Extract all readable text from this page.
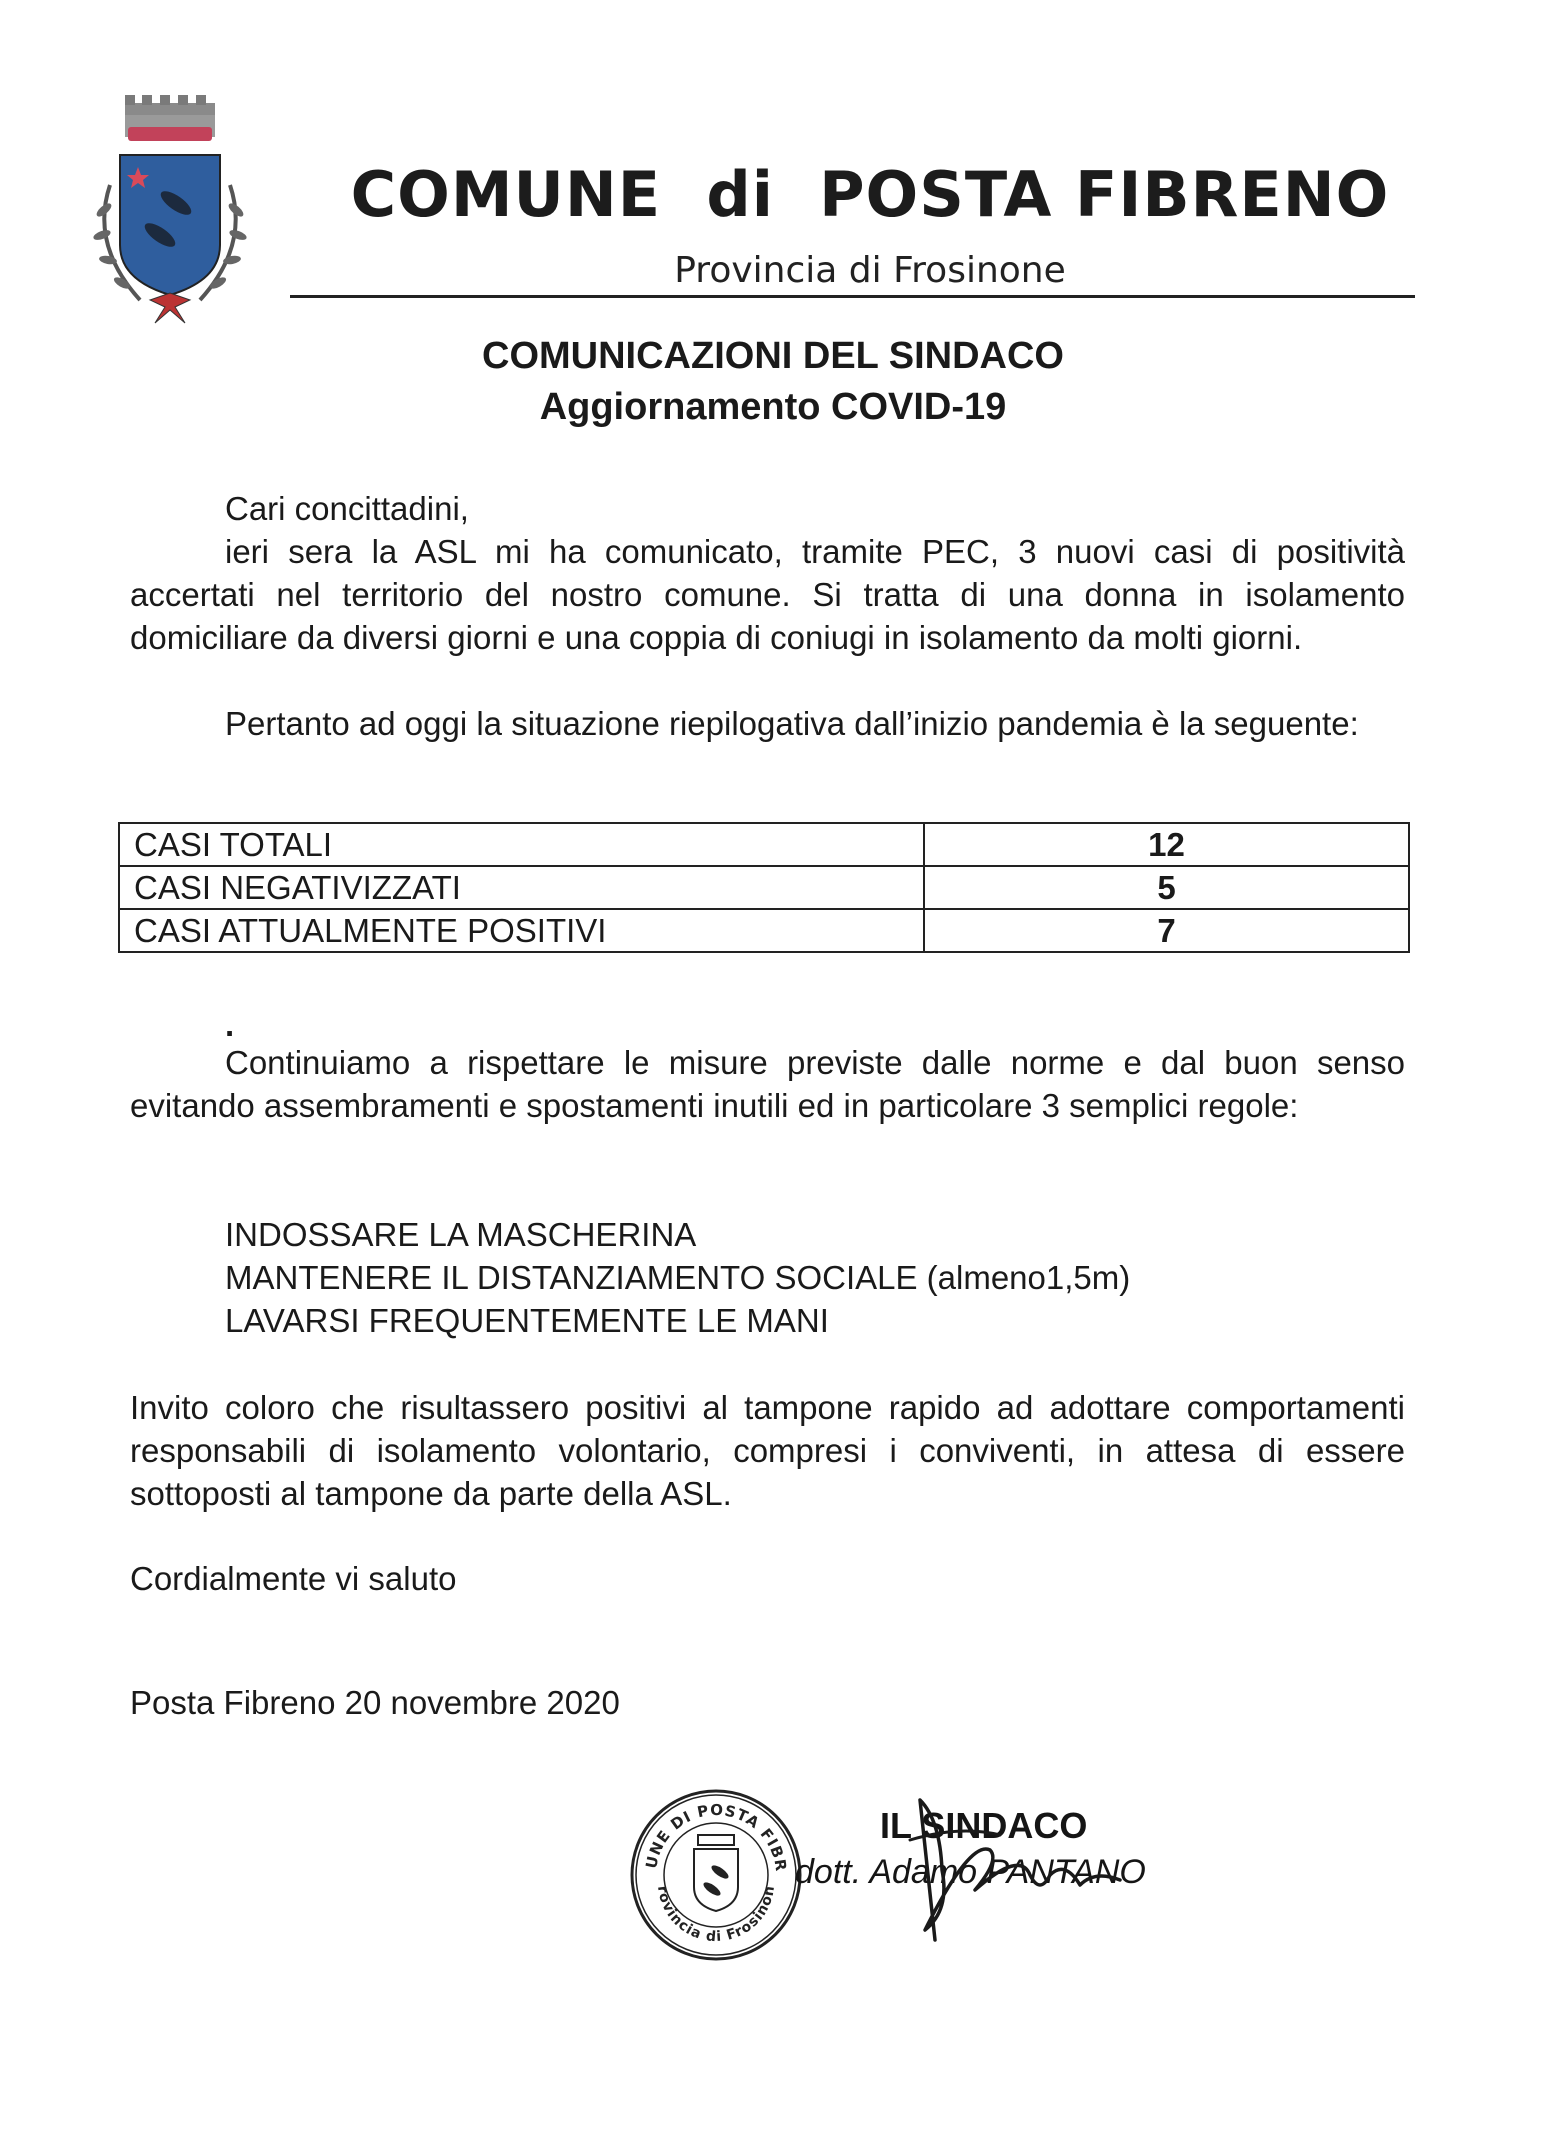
COMUNE  di  POSTA FIBRENO
Provincia di Frosinone
COMUNICAZIONI DEL SINDACO
Aggiornamento COVID-19
Cari concittadini,
ieri sera la ASL mi ha comunicato, tramite PEC, 3 nuovi casi di positività accertati nel territorio del nostro comune. Si tratta di una donna in isolamento domiciliare da diversi giorni e una coppia di coniugi in isolamento da molti giorni.
Pertanto ad oggi la situazione riepilogativa dall’inizio pandemia è la seguente:
CASI TOTALI	12
CASI NEGATIVIZZATI	5
CASI ATTUALMENTE POSITIVI	7
.
Continuiamo a rispettare le misure previste dalle norme e dal buon senso evitando assembramenti e spostamenti inutili ed in particolare 3 semplici regole:
INDOSSARE LA MASCHERINA
MANTENERE IL DISTANZIAMENTO SOCIALE (almeno1,5m)
LAVARSI FREQUENTEMENTE LE MANI
Invito coloro che risultassero positivi al tampone rapido ad adottare comportamenti responsabili di isolamento volontario, compresi i conviventi, in attesa di essere sottoposti al tampone da parte della ASL.
Cordialmente vi saluto
Posta Fibreno 20 novembre 2020
UNE DI POSTA FIBR
rovincia di Frosinon
IL SINDACO
dott. Adamo PANTANO
